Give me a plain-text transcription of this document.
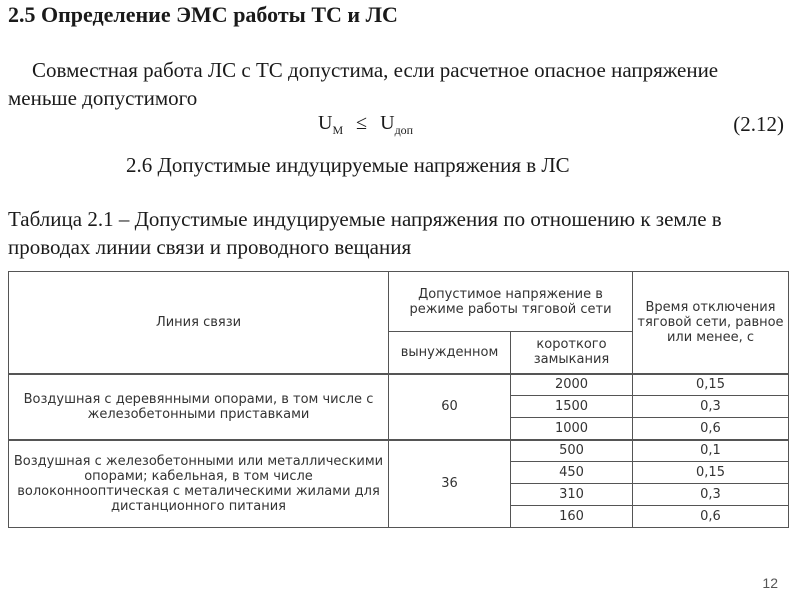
2.5 Определение ЭМС работы ТС и ЛС
Совместная работа ЛС с ТС допустима, если расчетное опасное напряжение меньше допустимого
$U_М \le U_{доп}$	(2.12)
2.6 Допустимые индуцируемые напряжения в ЛС
Таблица 2.1 – Допустимые индуцируемые напряжения по отношению к земле в проводах линии связи и проводного вещания
Линия связи	Допустимое напряжение в режиме работы тяговой сети		Время отключения тяговой сети, равное или менее, с
	вынужденном	короткого замыкания	
Воздушная с деревянными опорами, в том числе с железобетонными приставками	60	2000	0,15
		1500	0,3
		1000	0,6
Воздушная с железобетонными или металлическими опорами; кабельная, в том числе волоконнооптическая с металическими жилами для дистанционного питания	36	500	0,1
		450	0,15
		310	0,3
		160	0,6
12
